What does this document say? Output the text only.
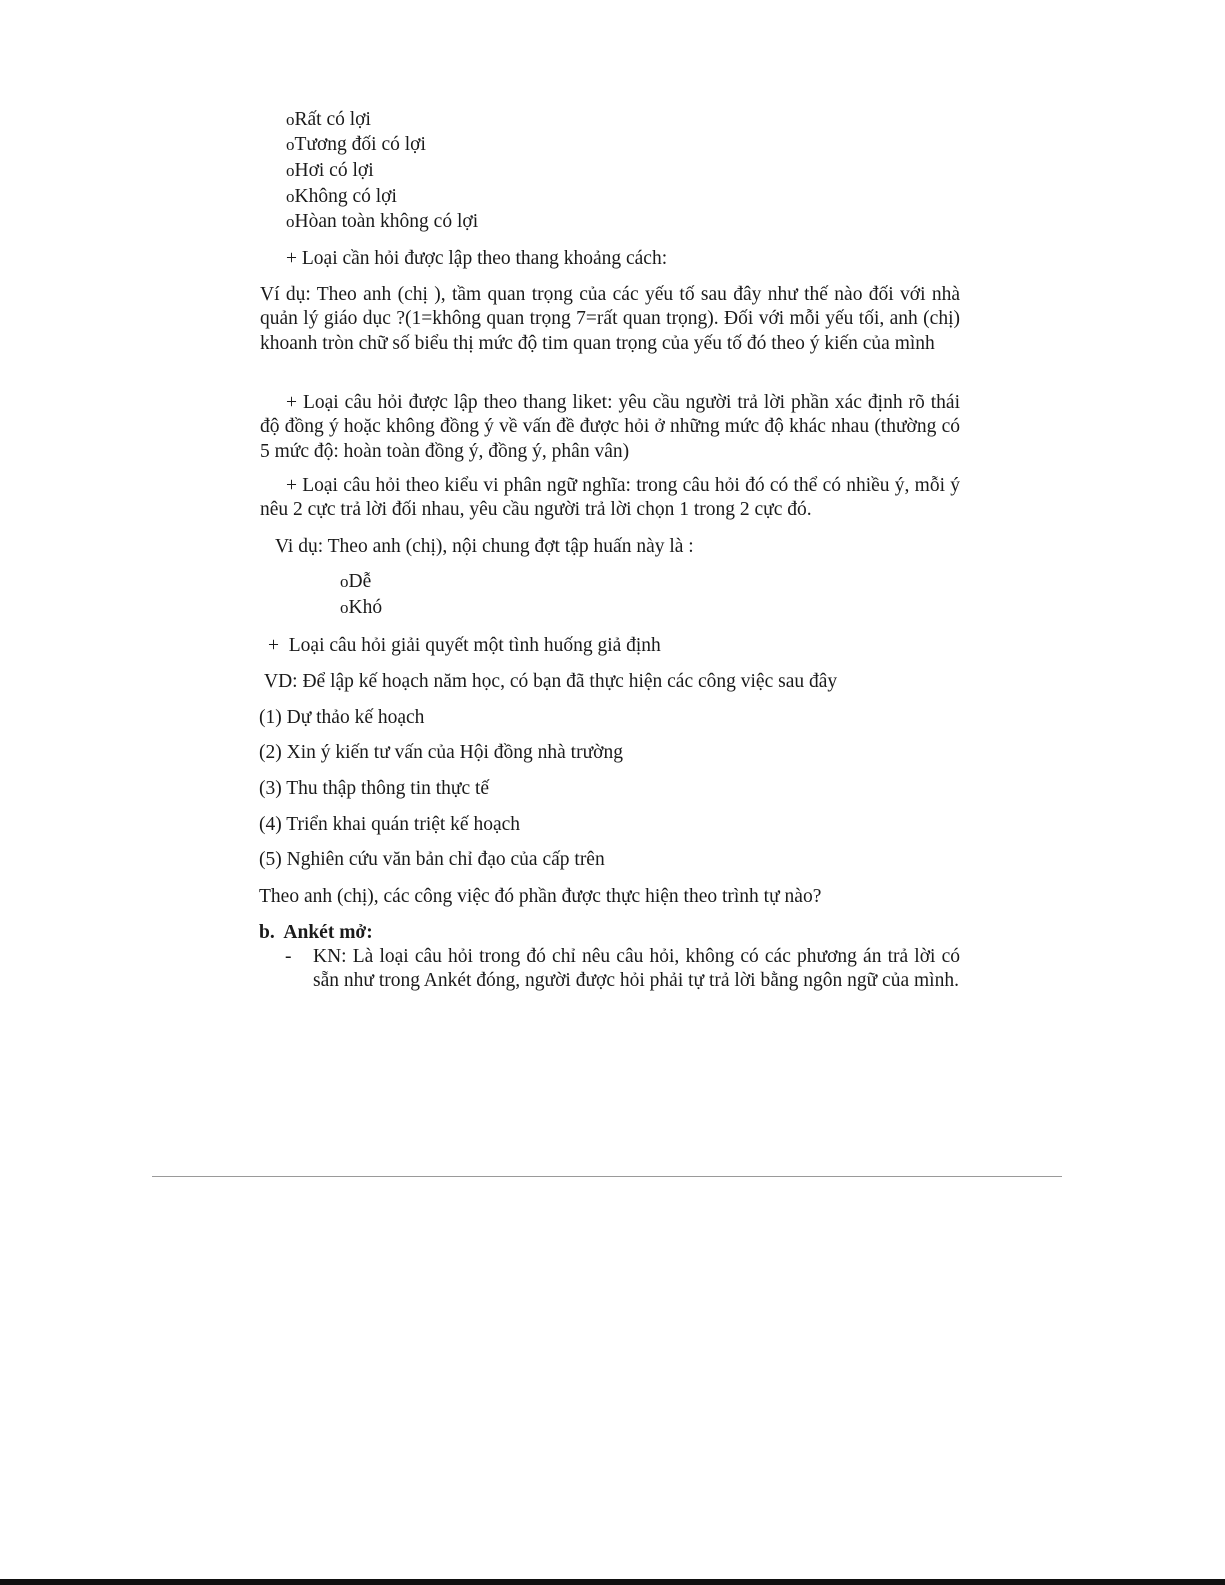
oRất có lợi
oTương đối có lợi
oHơi có lợi
oKhông có lợi
oHòan toàn không có lợi
+ Loại cần hỏi được lập theo thang khoảng cách:
Ví dụ: Theo anh (chị ), tầm quan trọng của các yếu tố sau đây như thế nào đối với nhà quản lý giáo dục ?(1=không quan trọng 7=rất quan trọng). Đối với mỗi yếu tối, anh (chị) khoanh tròn chữ số biểu thị mức độ tim quan trọng của yếu tố đó theo ý kiến của mình
+ Loại câu hỏi được lập theo thang liket: yêu cầu người trả lời phần xác định rõ thái độ đồng ý hoặc không đồng ý về vấn đề được hỏi ở những mức độ khác nhau (thường có 5 mức độ: hoàn toàn đồng ý, đồng ý, phân vân)
+ Loại câu hỏi theo kiểu vi phân ngữ nghĩa: trong câu hỏi đó có thể có nhiều ý, mỗi ý nêu 2 cực trả lời đối nhau, yêu cầu người trả lời chọn 1 trong 2 cực đó.
Vi dụ: Theo anh (chị), nội chung đợt tập huấn này là :
oDễ
oKhó
+  Loại câu hỏi giải quyết một tình huống giả định
VD: Để lập kế hoạch năm học, có bạn đã thực hiện các công việc sau đây
(1) Dự thảo kế hoạch
(2) Xin ý kiến tư vấn của Hội đồng nhà trường
(3) Thu thập thông tin thực tế
(4) Triển khai quán triệt kế hoạch
(5) Nghiên cứu văn bản chỉ đạo của cấp trên
Theo anh (chị), các công việc đó phần được thực hiện theo trình tự nào?
b.  Ankét mở:
- KN: Là loại câu hỏi trong đó chỉ nêu câu hỏi, không có các phương án trả lời có sẵn như trong Ankét đóng, người được hỏi phải tự trả lời bằng ngôn ngữ của mình.
